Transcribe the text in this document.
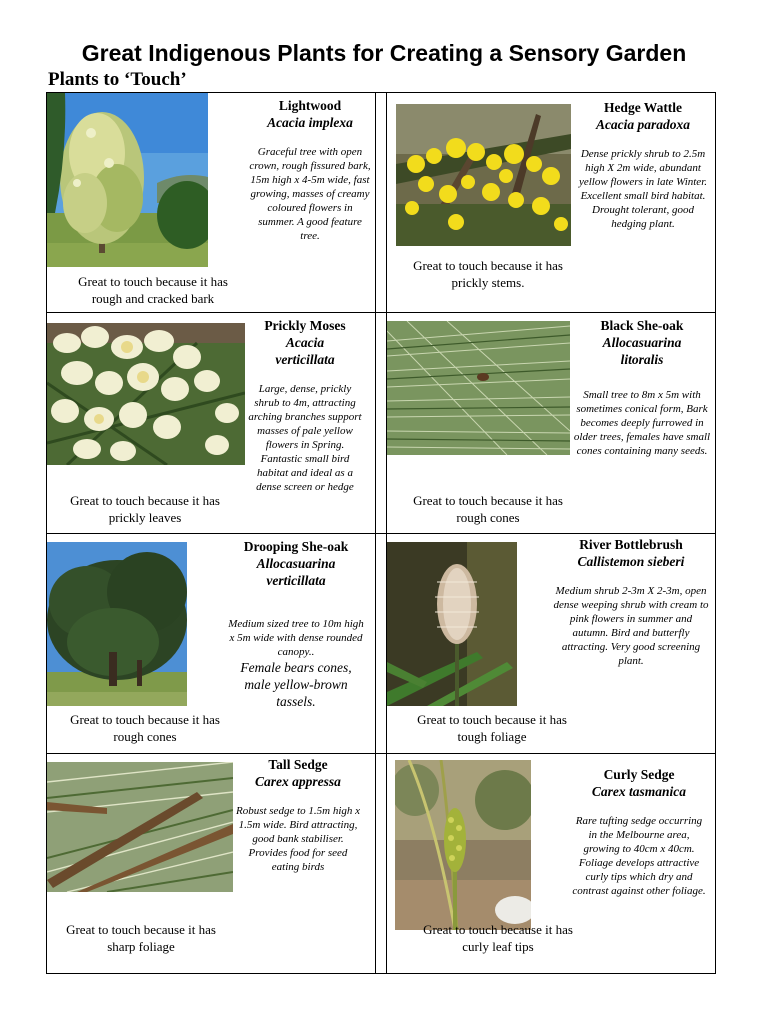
Great Indigenous Plants for Creating a Sensory Garden
Plants to ‘Touch’
Lightwood
Acacia implexa
Graceful tree with open crown, rough fissured bark, 15m high x 4-5m wide, fast growing, masses of creamy coloured flowers in summer. A good feature tree.
Great to touch because it has rough and cracked bark
Hedge Wattle
Acacia paradoxa
Dense prickly shrub to 2.5m high X 2m wide, abundant yellow flowers in late Winter. Excellent small bird habitat. Drought tolerant, good hedging plant.
Great to touch because it has prickly stems.
Prickly Moses
Acacia
verticillata
Large, dense, prickly shrub to 4m, attracting arching branches support masses of pale yellow flowers in Spring. Fantastic small bird habitat and ideal as a dense screen or hedge
Great to touch because it has prickly leaves
Black She-oak
Allocasuarina
litoralis
Small tree to 8m x 5m with sometimes conical form, Bark becomes deeply furrowed in older trees, females have small cones containing many seeds.
Great to touch because it has rough cones
Drooping She-oak
Allocasuarina
verticillata
Medium sized tree to 10m high x 5m wide with dense rounded canopy..
Female bears cones, male yellow-brown tassels.
Great to touch because it has rough cones
River Bottlebrush
Callistemon sieberi
Medium shrub 2-3m X 2-3m, open dense weeping shrub with cream to pink flowers in summer and autumn. Bird and butterfly attracting. Very good screening plant.
Great to touch because it has tough foliage
Tall Sedge
Carex appressa
Robust sedge to 1.5m high x 1.5m wide. Bird attracting, good bank stabiliser. Provides food for seed eating birds
Great to touch because it has sharp foliage
Curly Sedge
Carex tasmanica
Rare tufting sedge occurring in the Melbourne area, growing to 40cm x 40cm. Foliage develops attractive curly tips which dry and contrast against other foliage.
Great to touch because it has curly leaf tips
